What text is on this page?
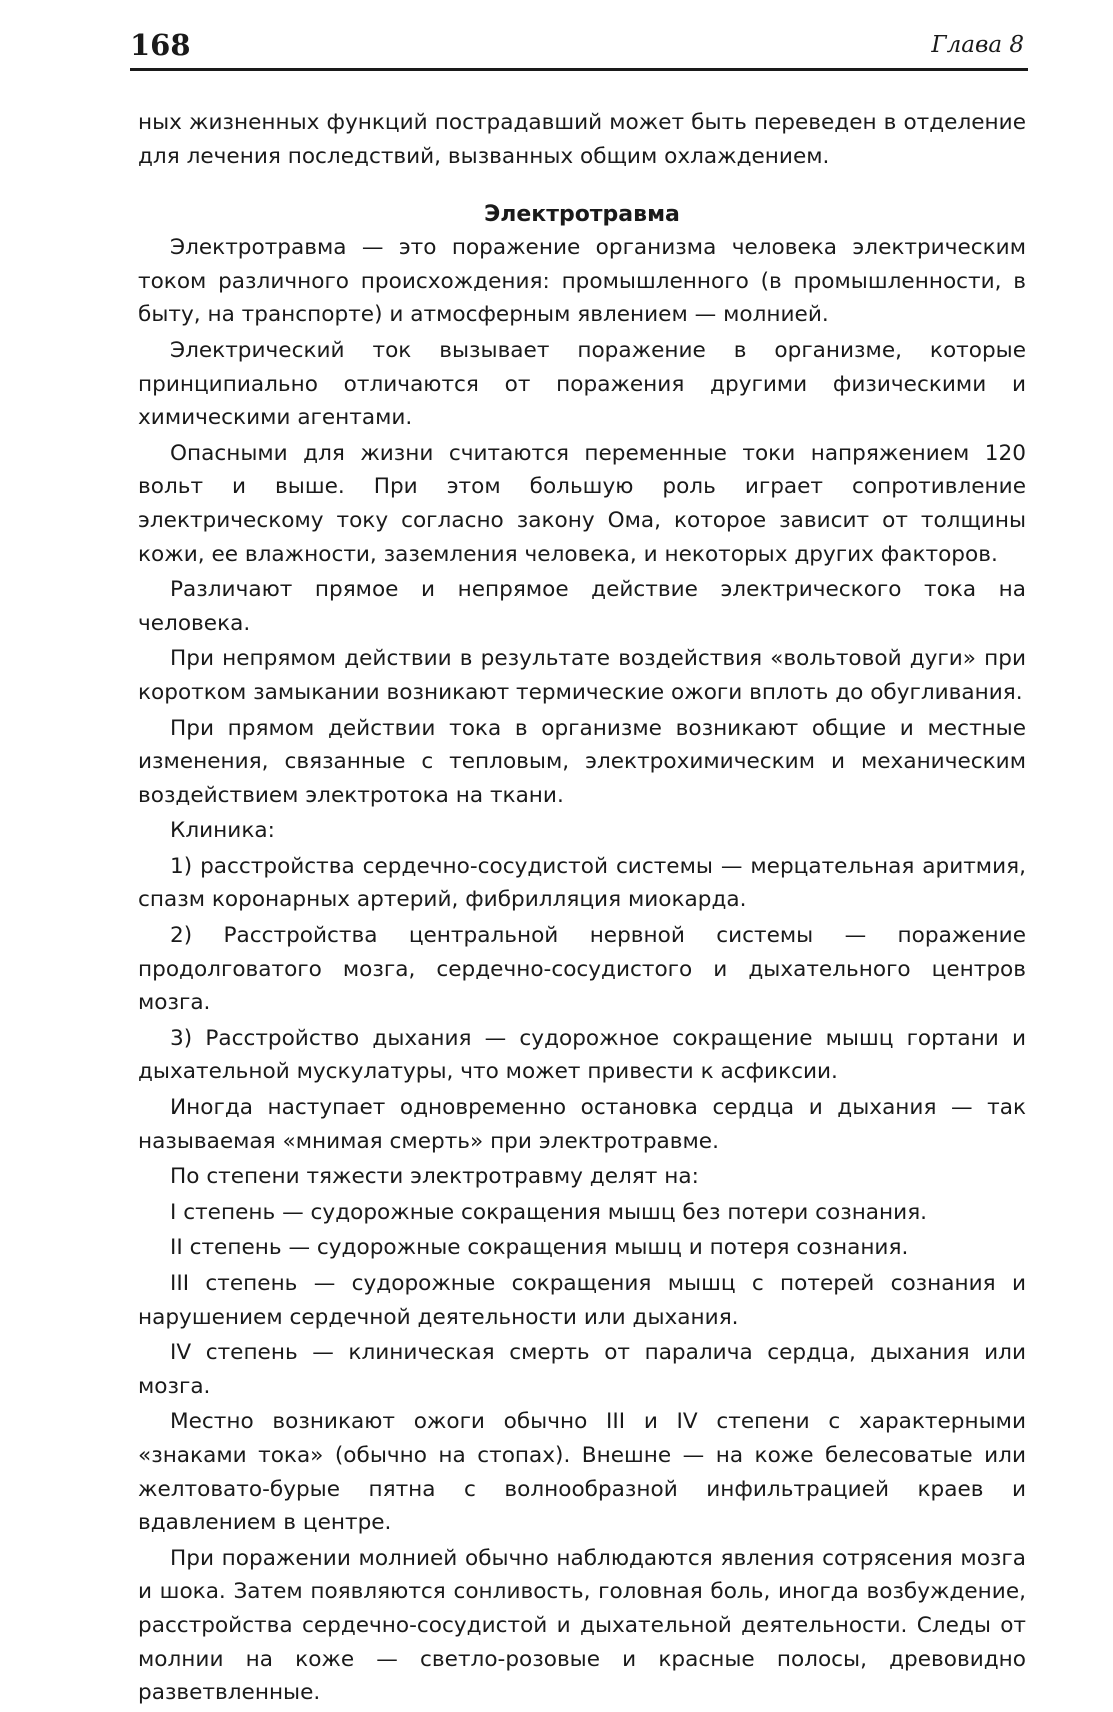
168	Глава 8

ных жизненных функций пострадавший может быть переведен в отделение для лечения последствий, вызванных общим охлаждением.

Электротравма

Электротравма — это поражение организма человека электрическим током различного происхождения: промышленного (в промышленности, в быту, на транспорте) и атмосферным явлением — молнией.

Электрический ток вызывает поражение в организме, которые принципиально отличаются от поражения другими физическими и химическими агентами.

Опасными для жизни считаются переменные токи напряжением 120 вольт и выше. При этом большую роль играет сопротивление электрическому току согласно закону Ома, которое зависит от толщины кожи, ее влажности, заземления человека, и некоторых других факторов.

Различают прямое и непрямое действие электрического тока на человека.

При непрямом действии в результате воздействия «вольтовой дуги» при коротком замыкании возникают термические ожоги вплоть до обугливания.

При прямом действии тока в организме возникают общие и местные изменения, связанные с тепловым, электрохимическим и механическим воздействием электротока на ткани.

Клиника:

1) расстройства сердечно-сосудистой системы — мерцательная аритмия, спазм коронарных артерий, фибрилляция миокарда.

2) Расстройства центральной нервной системы — поражение продолговатого мозга, сердечно-сосудистого и дыхательного центров мозга.

3) Расстройство дыхания — судорожное сокращение мышц гортани и дыхательной мускулатуры, что может привести к асфиксии.

Иногда наступает одновременно остановка сердца и дыхания — так называемая «мнимая смерть» при электротравме.

По степени тяжести электротравму делят на:

I степень — судорожные сокращения мышц без потери сознания.

II степень — судорожные сокращения мышц и потеря сознания.

III степень — судорожные сокращения мышц с потерей сознания и нарушением сердечной деятельности или дыхания.

IV степень — клиническая смерть от паралича сердца, дыхания или мозга.

Местно возникают ожоги обычно III и IV степени с характерными «знаками тока» (обычно на стопах). Внешне — на коже белесоватые или желтовато-бурые пятна с волнообразной инфильтрацией краев и вдавлением в центре.

При поражении молнией обычно наблюдаются явления сотрясения мозга и шока. Затем появляются сонливость, головная боль, иногда возбуждение, расстройства сердечно-сосудистой и дыхательной деятельности. Следы от молнии на коже — светло-розовые и красные полосы, древовидно разветвленные.
